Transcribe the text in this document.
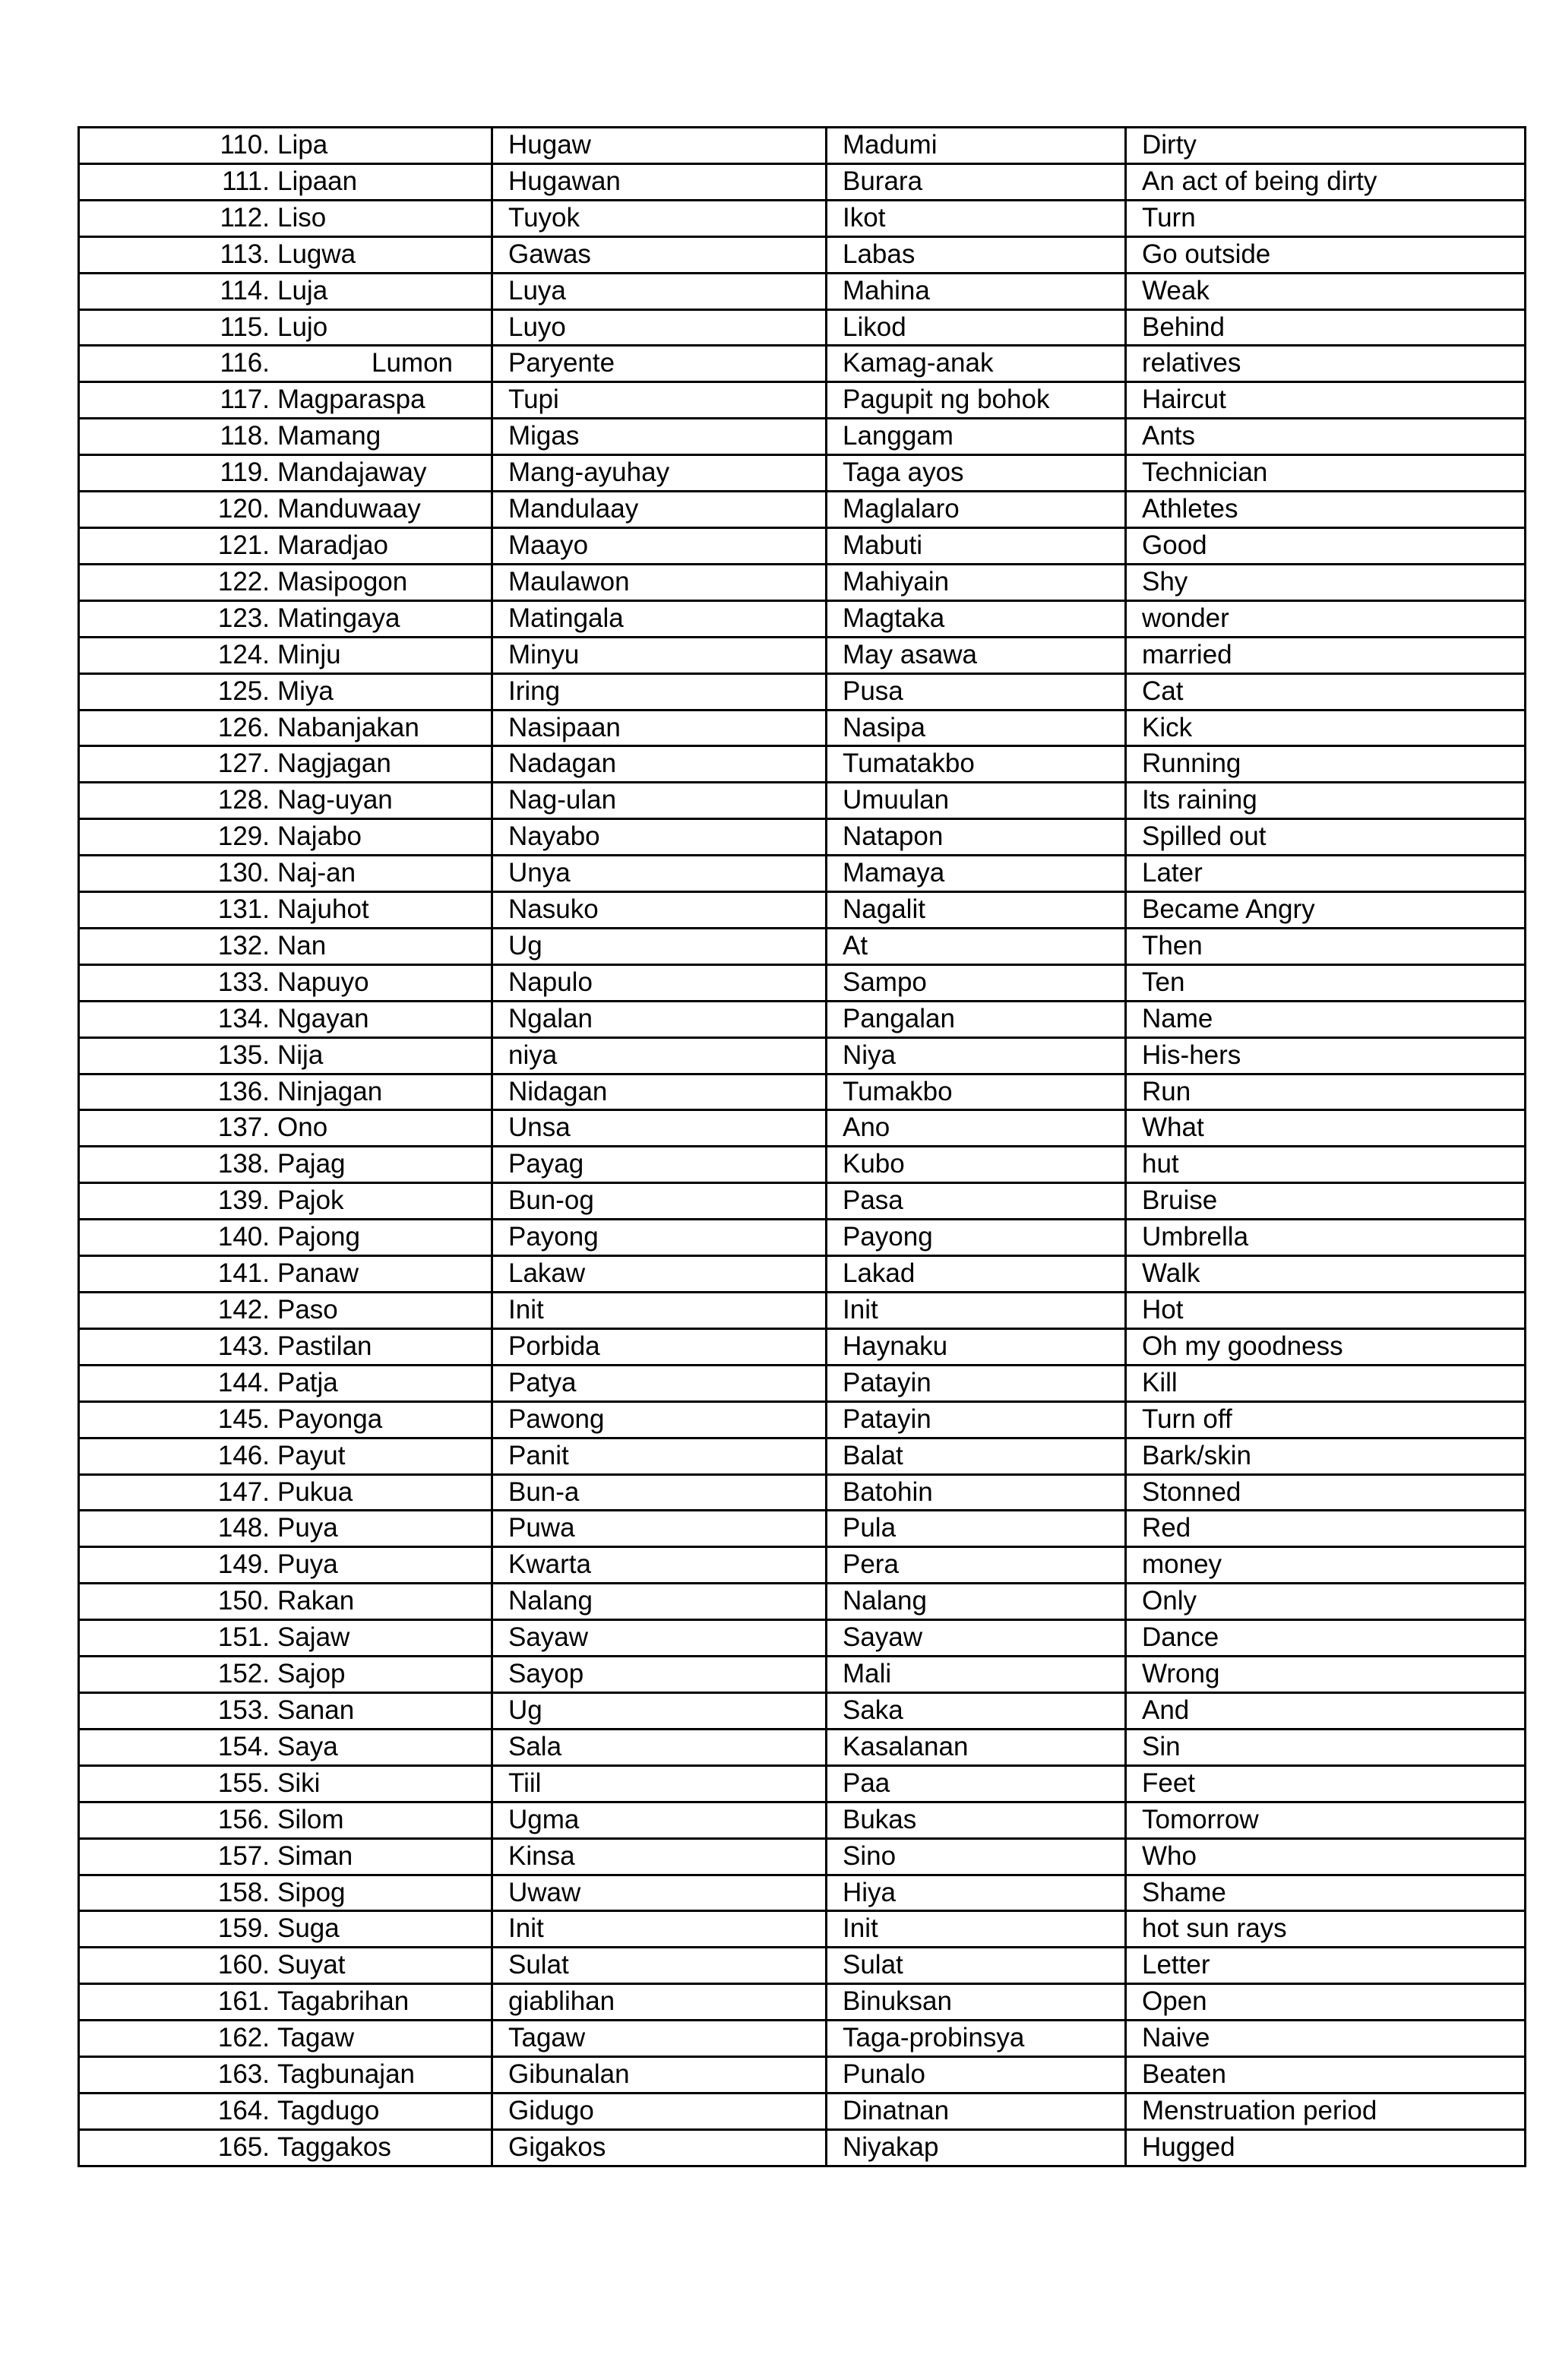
110. Lipa	Hugaw	Madumi	Dirty

111. Lipaan	Hugawan	Burara	An act of being dirty

112. Liso	Tuyok	Ikot	Turn

113. Lugwa	Gawas	Labas	Go outside

114. Luja	Luya	Mahina	Weak

115. Lujo	Luyo	Likod	Behind

116. Lumon	Paryente	Kamag-anak	relatives

117. Magparaspa	Tupi	Pagupit ng bohok	Haircut

118. Mamang	Migas	Langgam	Ants

119. Mandajaway	Mang-ayuhay	Taga ayos	Technician

120. Manduwaay	Mandulaay	Maglalaro	Athletes

121. Maradjao	Maayo	Mabuti	Good

122. Masipogon	Maulawon	Mahiyain	Shy

123. Matingaya	Matingala	Magtaka	wonder

124. Minju	Minyu	May asawa	married

125. Miya	Iring	Pusa	Cat

126. Nabanjakan	Nasipaan	Nasipa	Kick

127. Nagjagan	Nadagan	Tumatakbo	Running

128. Nag-uyan	Nag-ulan	Umuulan	Its raining

129. Najabo	Nayabo	Natapon	Spilled out

130. Naj-an	Unya	Mamaya	Later

131. Najuhot	Nasuko	Nagalit	Became Angry

132. Nan	Ug	At	Then

133. Napuyo	Napulo	Sampo	Ten

134. Ngayan	Ngalan	Pangalan	Name

135. Nija	niya	Niya	His-hers

136. Ninjagan	Nidagan	Tumakbo	Run

137. Ono	Unsa	Ano	What

138. Pajag	Payag	Kubo	hut

139. Pajok	Bun-og	Pasa	Bruise

140. Pajong	Payong	Payong	Umbrella

141. Panaw	Lakaw	Lakad	Walk

142. Paso	Init	Init	Hot

143. Pastilan	Porbida	Haynaku	Oh my goodness

144. Patja	Patya	Patayin	Kill

145. Payonga	Pawong	Patayin	Turn off

146. Payut	Panit	Balat	Bark/skin

147. Pukua	Bun-a	Batohin	Stonned

148. Puya	Puwa	Pula	Red

149. Puya	Kwarta	Pera	money

150. Rakan	Nalang	Nalang	Only

151. Sajaw	Sayaw	Sayaw	Dance

152. Sajop	Sayop	Mali	Wrong

153. Sanan	Ug	Saka	And

154. Saya	Sala	Kasalanan	Sin

155. Siki	Tiil	Paa	Feet

156. Silom	Ugma	Bukas	Tomorrow

157. Siman	Kinsa	Sino	Who

158. Sipog	Uwaw	Hiya	Shame

159. Suga	Init	Init	hot sun rays

160. Suyat	Sulat	Sulat	Letter

161. Tagabrihan	giablihan	Binuksan	Open

162. Tagaw	Tagaw	Taga-probinsya	Naive

163. Tagbunajan	Gibunalan	Punalo	Beaten

164. Tagdugo	Gidugo	Dinatnan	Menstruation period

165. Taggakos	Gigakos	Niyakap	Hugged
